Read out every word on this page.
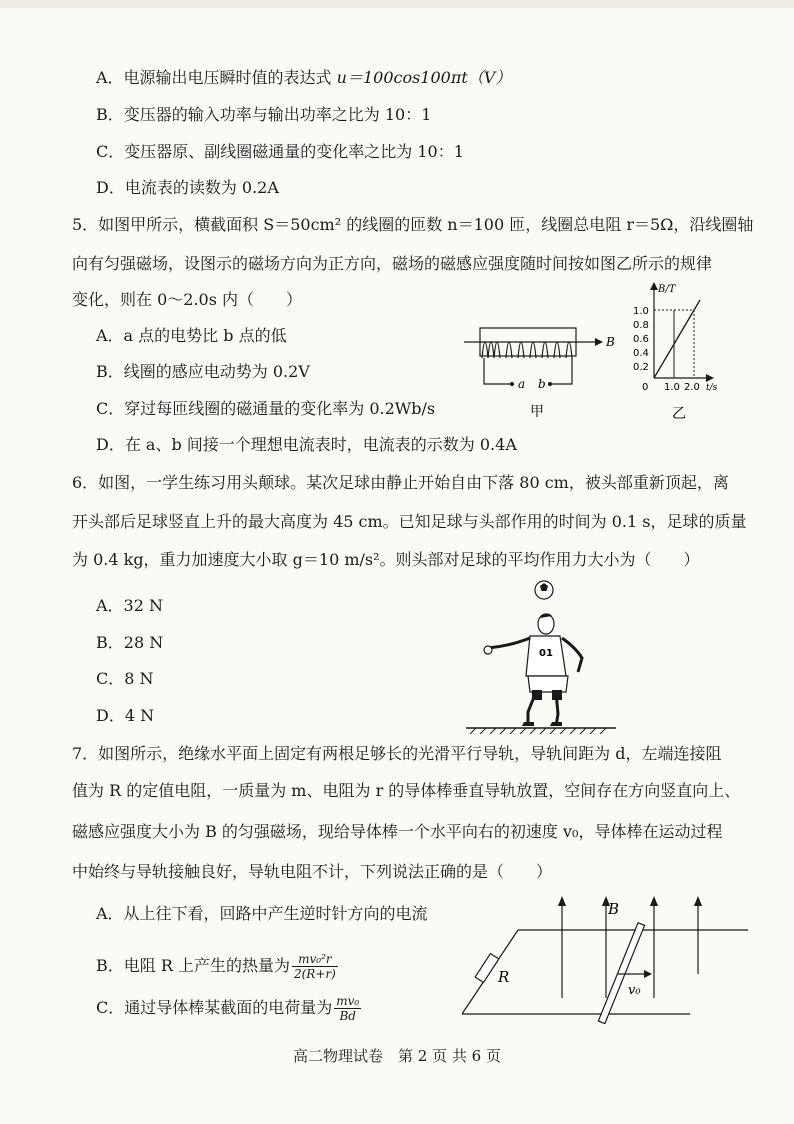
A．电源输出电压瞬时值的表达式 u＝100cos100πt（V）
B．变压器的输入功率与输出功率之比为 10：1
C．变压器原、副线圈磁通量的变化率之比为 10：1
D．电流表的读数为 0.2A
5．如图甲所示，横截面积 S＝50cm² 的线圈的匝数 n＝100 匝，线圈总电阻 r＝5Ω，沿线圈轴
向有匀强磁场，设图示的磁场方向为正方向，磁场的磁感应强度随时间按如图乙所示的规律
变化，则在 0～2.0s 内（　　）
A．a 点的电势比 b 点的低
B．线圈的感应电动势为 0.2V
C．穿过每匝线圈的磁通量的变化率为 0.2Wb/s
D．在 a、b 间接一个理想电流表时，电流表的示数为 0.4A
a b
B
甲
B/T
t/s
1.0
0.8
0.6
0.4
0.2
0 1.0 2.0
乙
6．如图，一学生练习用头颠球。某次足球由静止开始自由下落 80 cm，被头部重新顶起，离
开头部后足球竖直上升的最大高度为 45 cm。已知足球与头部作用的时间为 0.1 s，足球的质量
为 0.4 kg，重力加速度大小取 g＝10 m/s²。则头部对足球的平均作用力大小为（　　）
A．32 N
B．28 N
C．8 N
D．4 N
01
7．如图所示，绝缘水平面上固定有两根足够长的光滑平行导轨，导轨间距为 d，左端连接阻
值为 R 的定值电阻，一质量为 m、电阻为 r 的导体棒垂直导轨放置，空间存在方向竖直向上、
磁感应强度大小为 B 的匀强磁场，现给导体棒一个水平向右的初速度 v₀，导体棒在运动过程
中始终与导轨接触良好，导轨电阻不计，下列说法正确的是（　　）
A．从上往下看，回路中产生逆时针方向的电流
B．电阻 R 上产生的热量为 $\frac{\text{mv₀²r}}{2(R+r)}$
C．通过导体棒某截面的电荷量为 $\frac{\text{mv₀}}{Bd}$
R
B
v₀
高二物理试卷　第 2 页 共 6 页
